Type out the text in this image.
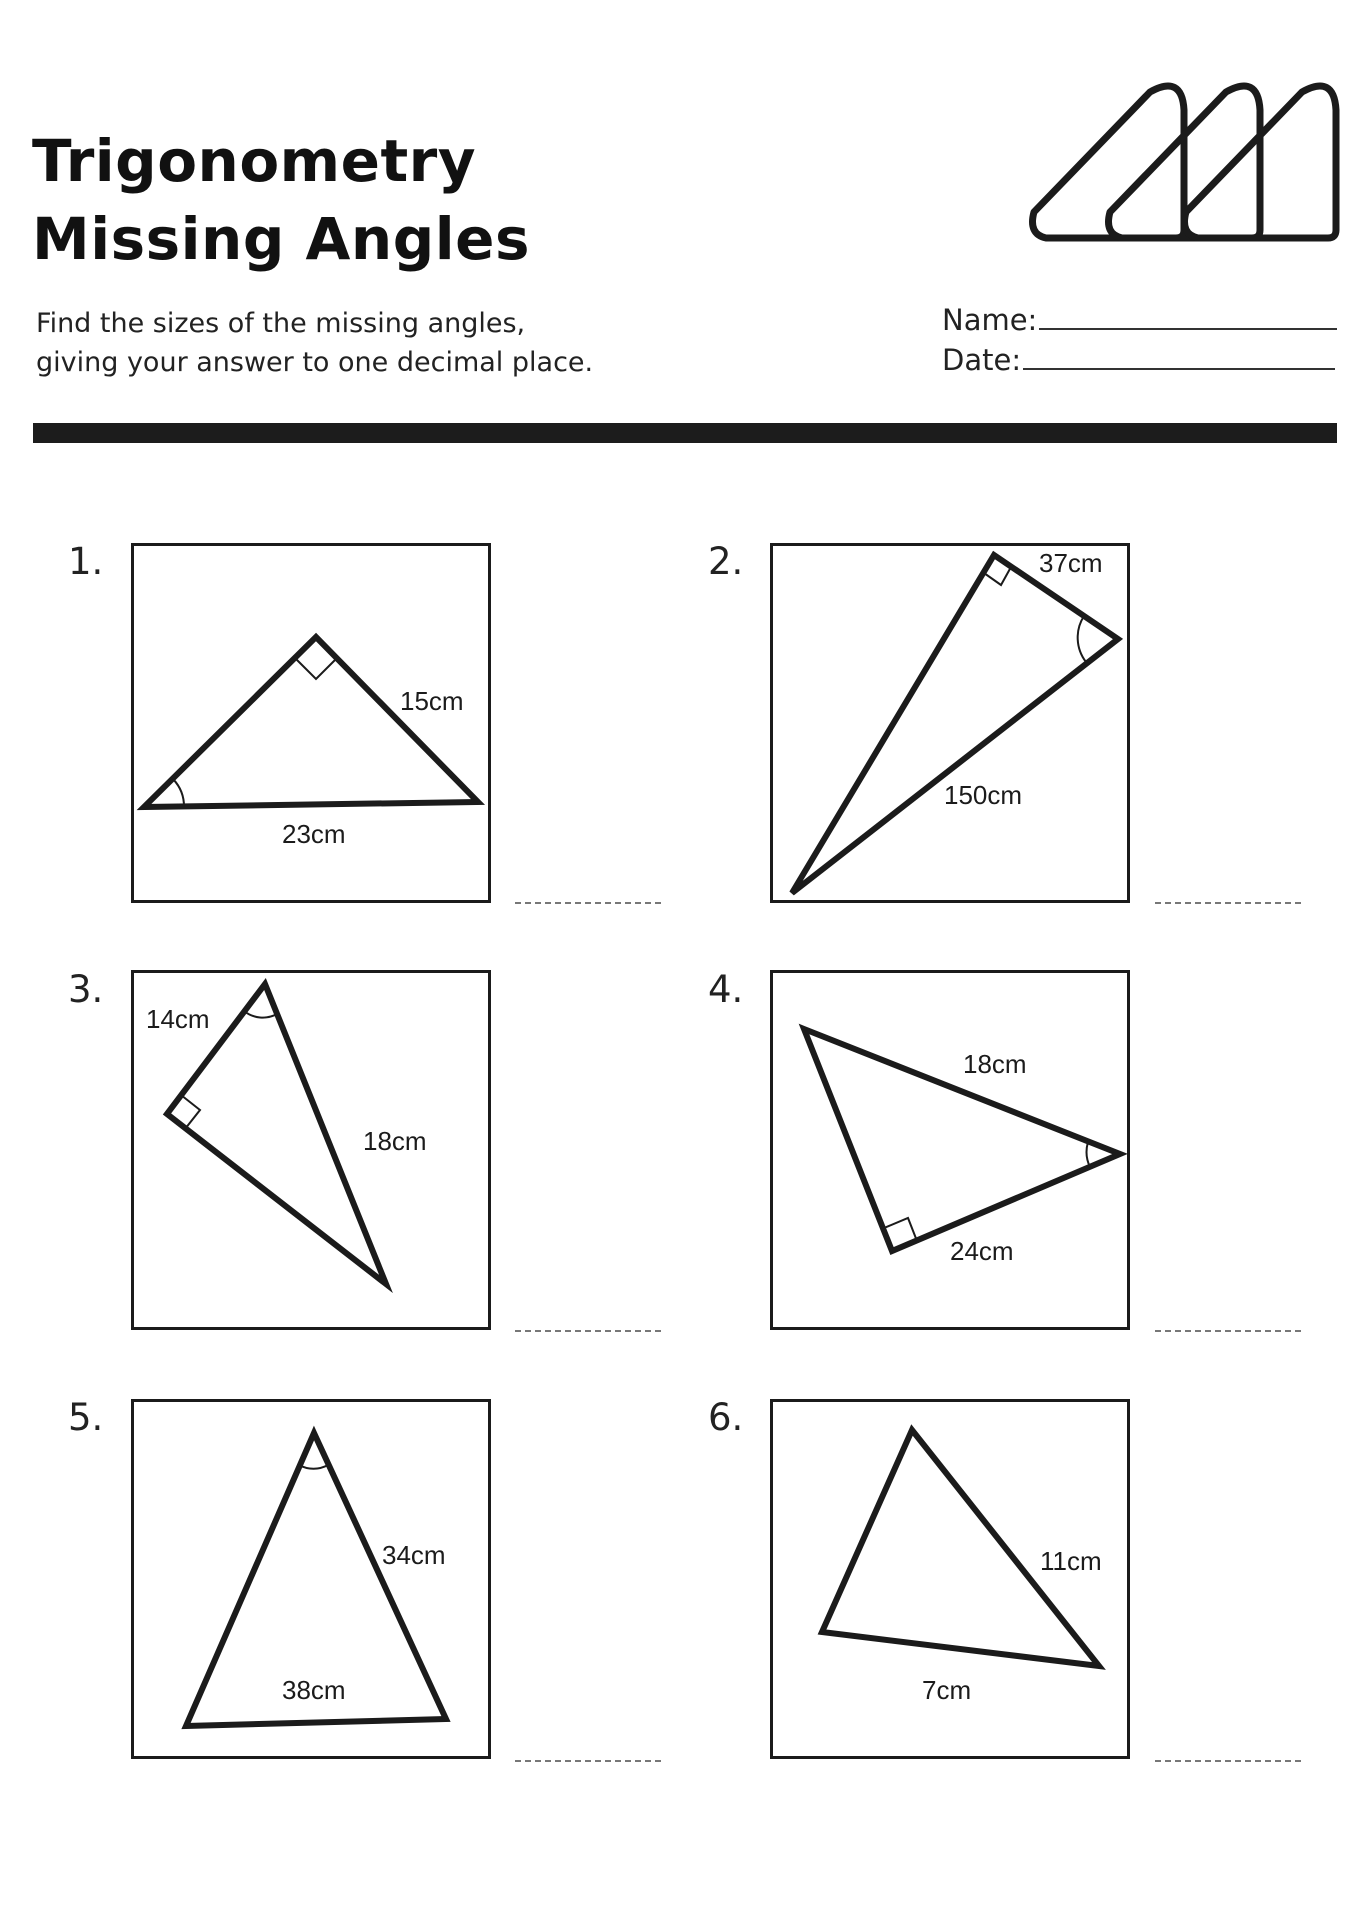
Trigonometry
Missing Angles
Find the sizes of the missing angles,
giving your answer to one decimal place.
Name:
Date:
1.
15cm
23cm
2.	37cm
150cm
3.
14cm
18cm
4.
18cm
24cm
5.
34cm
38cm
6.
11cm
7cm
